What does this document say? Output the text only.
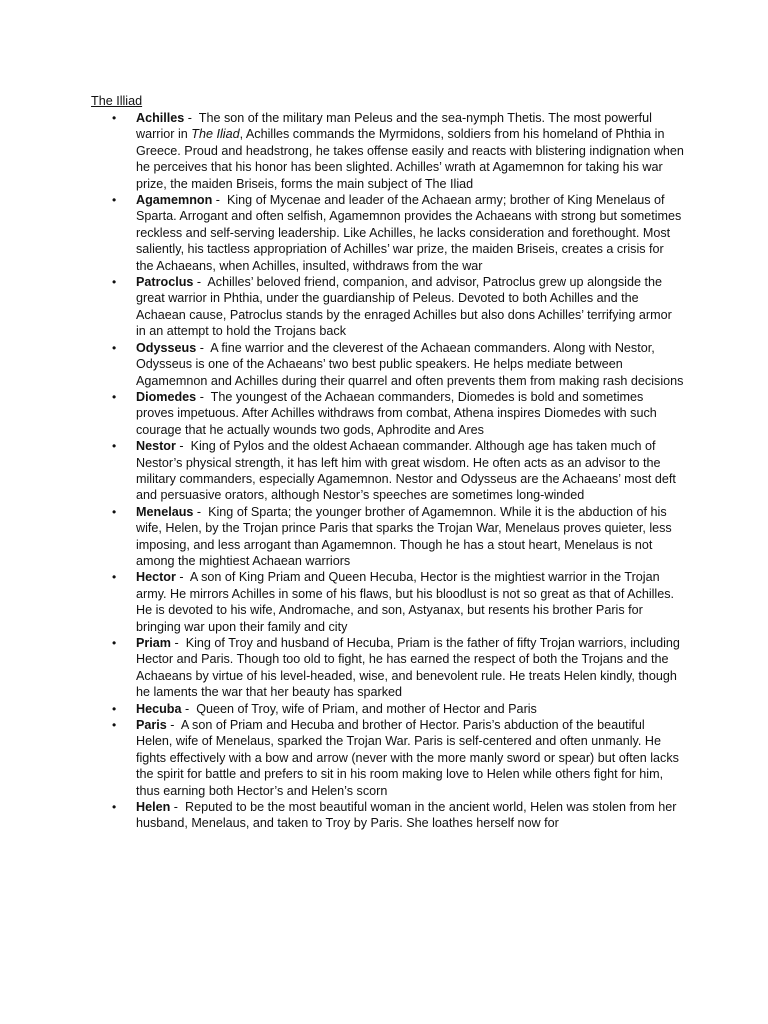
The Illiad
• Achilles -  The son of the military man Peleus and the sea-nymph Thetis. The most powerful warrior in The Iliad, Achilles commands the Myrmidons, soldiers from his homeland of Phthia in Greece. Proud and headstrong, he takes offense easily and reacts with blistering indignation when he perceives that his honor has been slighted. Achilles’ wrath at Agamemnon for taking his war prize, the maiden Briseis, forms the main subject of The Iliad
• Agamemnon -  King of Mycenae and leader of the Achaean army; brother of King Menelaus of Sparta. Arrogant and often selfish, Agamemnon provides the Achaeans with strong but sometimes reckless and self-serving leadership. Like Achilles, he lacks consideration and forethought. Most saliently, his tactless appropriation of Achilles’ war prize, the maiden Briseis, creates a crisis for the Achaeans, when Achilles, insulted, withdraws from the war
• Patroclus -  Achilles’ beloved friend, companion, and advisor, Patroclus grew up alongside the great warrior in Phthia, under the guardianship of Peleus. Devoted to both Achilles and the Achaean cause, Patroclus stands by the enraged Achilles but also dons Achilles’ terrifying armor in an attempt to hold the Trojans back
• Odysseus -  A fine warrior and the cleverest of the Achaean commanders. Along with Nestor, Odysseus is one of the Achaeans’ two best public speakers. He helps mediate between Agamemnon and Achilles during their quarrel and often prevents them from making rash decisions
• Diomedes -  The youngest of the Achaean commanders, Diomedes is bold and sometimes proves impetuous. After Achilles withdraws from combat, Athena inspires Diomedes with such courage that he actually wounds two gods, Aphrodite and Ares
• Nestor -  King of Pylos and the oldest Achaean commander. Although age has taken much of Nestor’s physical strength, it has left him with great wisdom. He often acts as an advisor to the military commanders, especially Agamemnon. Nestor and Odysseus are the Achaeans’ most deft and persuasive orators, although Nestor’s speeches are sometimes long-winded
• Menelaus -  King of Sparta; the younger brother of Agamemnon. While it is the abduction of his wife, Helen, by the Trojan prince Paris that sparks the Trojan War, Menelaus proves quieter, less imposing, and less arrogant than Agamemnon. Though he has a stout heart, Menelaus is not among the mightiest Achaean warriors
• Hector -  A son of King Priam and Queen Hecuba, Hector is the mightiest warrior in the Trojan army. He mirrors Achilles in some of his flaws, but his bloodlust is not so great as that of Achilles. He is devoted to his wife, Andromache, and son, Astyanax, but resents his brother Paris for bringing war upon their family and city
• Priam -  King of Troy and husband of Hecuba, Priam is the father of fifty Trojan warriors, including Hector and Paris. Though too old to fight, he has earned the respect of both the Trojans and the Achaeans by virtue of his level-headed, wise, and benevolent rule. He treats Helen kindly, though he laments the war that her beauty has sparked
• Hecuba -  Queen of Troy, wife of Priam, and mother of Hector and Paris
• Paris -  A son of Priam and Hecuba and brother of Hector. Paris’s abduction of the beautiful Helen, wife of Menelaus, sparked the Trojan War. Paris is self-centered and often unmanly. He fights effectively with a bow and arrow (never with the more manly sword or spear) but often lacks the spirit for battle and prefers to sit in his room making love to Helen while others fight for him, thus earning both Hector’s and Helen’s scorn
• Helen -  Reputed to be the most beautiful woman in the ancient world, Helen was stolen from her husband, Menelaus, and taken to Troy by Paris. She loathes herself now for
